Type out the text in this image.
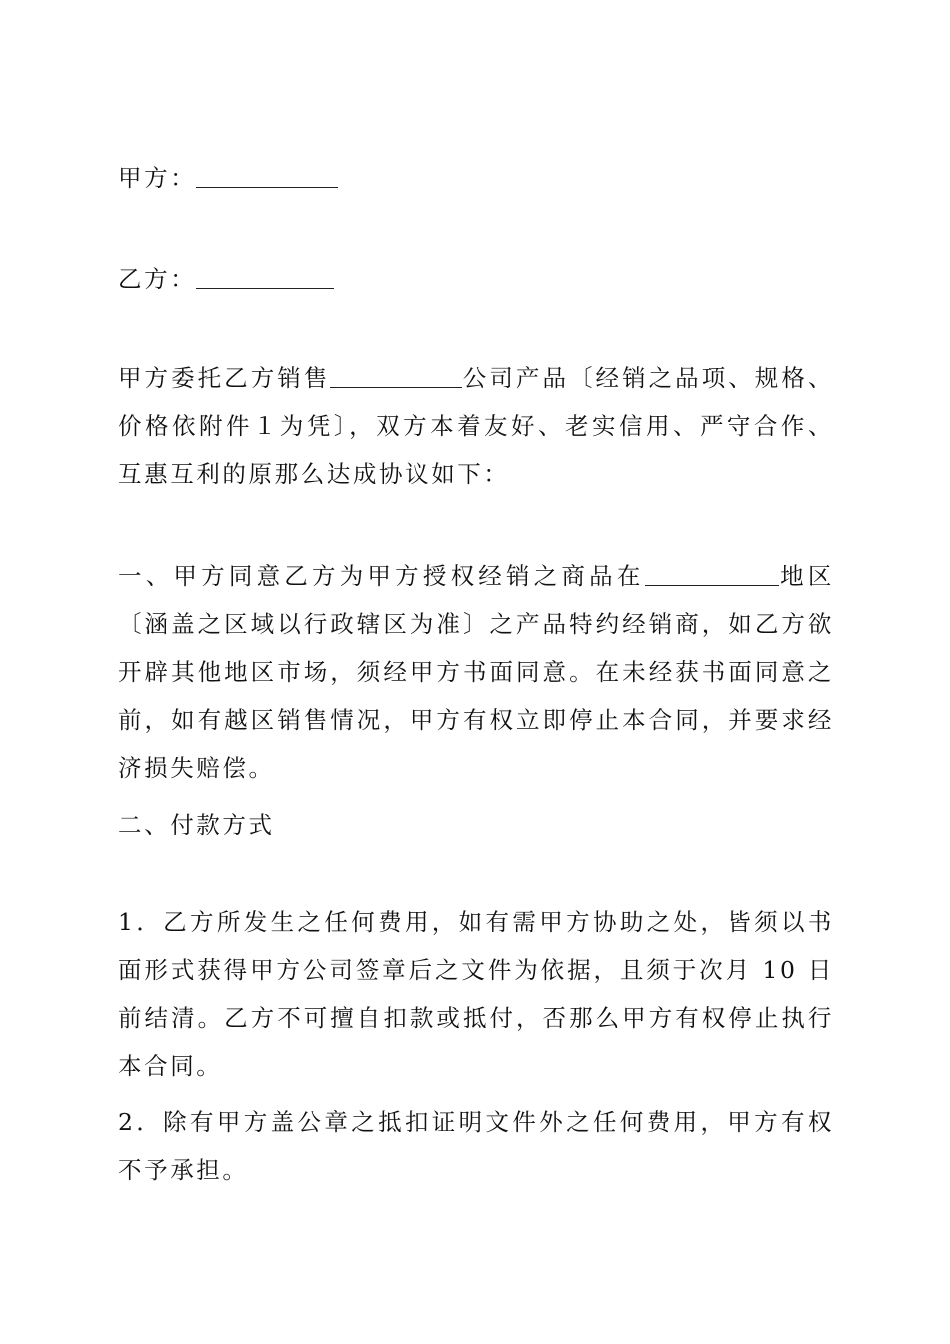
甲方：

乙方：

甲方委托乙方销售	公司产品〔经销之品项、规格、价格依附件１为凭〕，双方本着友好、老实信用、严守合作、互惠互利的原那么达成协议如下：

一、甲方同意乙方为甲方授权经销之商品在	地区〔涵盖之区域以行政辖区为准〕之产品特约经销商，如乙方欲开辟其他地区市场，须经甲方书面同意。在未经获书面同意之前，如有越区销售情况，甲方有权立即停止本合同，并要求经济损失赔偿。

二、付款方式

1．乙方所发生之任何费用，如有需甲方协助之处，皆须以书面形式获得甲方公司签章后之文件为依据，且须于次月 10 日前结清。乙方不可擅自扣款或抵付，否那么甲方有权停止执行本合同。

2．除有甲方盖公章之抵扣证明文件外之任何费用，甲方有权不予承担。
